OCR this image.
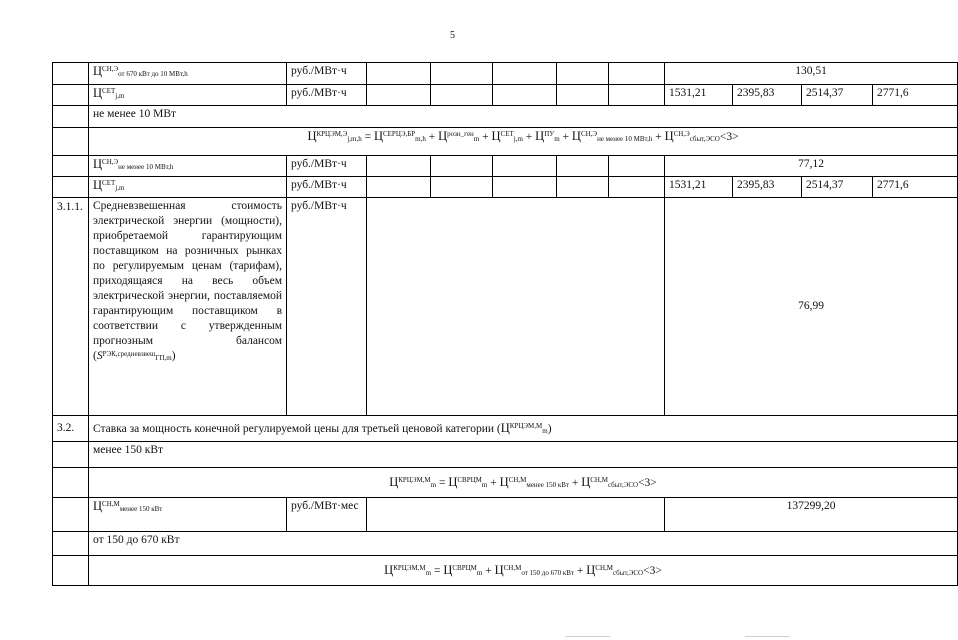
5
	$Ц^{СН,Э}от$ 670 кВт до 10 МВт,h	руб./МВт·ч						130,51			
	$Ц^{СЕТ}j,m$	руб./МВт·ч						1531,21	2395,83	2514,37	2771,6
	не менее 10 МВт										
	$Ц^{КРЦЭМ,Э}j,m,h = Ц^{СЕРЦЭ,БР}m,h + Ц^{розн\_ген}m + Ц^{СЕТ}j,m + Ц^{ПУ}m + Ц^{СН,Э}не$ менее 10 $МВт,h + Ц^{СН,Э}сбыт,ЭСО<3>$										
	$Ц^{СН,Э}не$ менее 10 МВт,h	руб./МВт·ч						77,12			
	$Ц^{СЕТ}j,m$	руб./МВт·ч						1531,21	2395,83	2514,37	2771,6
3.1.1.	Средневзвешенная стоимость электрической энергии (мощности), приобретаемой гарантирующим поставщиком на розничных рынках по регулируемым ценам (тарифам), приходящаяся на весь объем электрической энергии, поставляемой гарантирующим поставщиком в соответствии с утвержденным прогнозным балансом $(S^{РЭК,средневзвеш}ГП,m)$	руб./МВт·ч						76,99			
3.2.	Ставка за мощность конечной регулируемой цены для третьей ценовой категории $(Ц^{КРЦЭМ,М}m)$										
	менее 150 кВт										
	$Ц^{КРЦЭМ,М}m = Ц^{СВРЦМ}m$ + $Ц^{СН,М}менее$ 150 кВт + $Ц^{СН,М}сбыт,ЭСО<3>$										
	$Ц^{СН,М}менее$ 150 кВт	руб./МВт·мес						137299,20			
	от 150 до 670 кВт										
	$Ц^{КРЦЭМ,М}m = Ц^{СВРЦМ}m + Ц^{СН,М}от$ 150 до 670 кВт + $Ц^{СН,М}сбыт,ЭСО<3>$										
